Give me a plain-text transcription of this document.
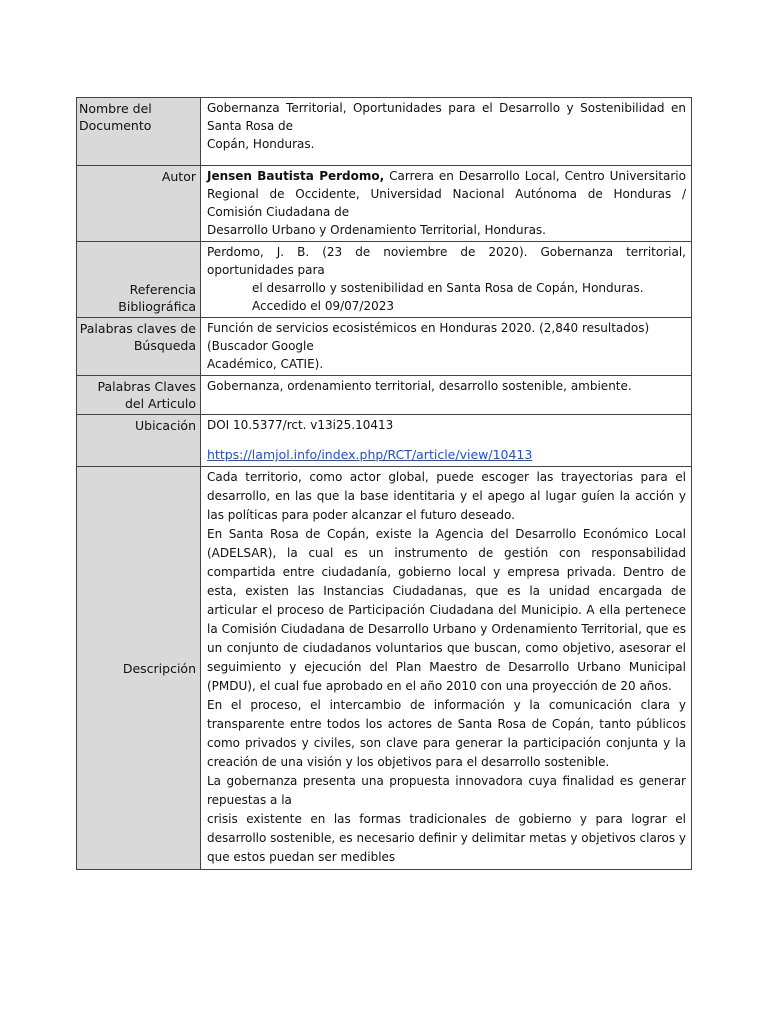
Nombre del Documento	Gobernanza Territorial, Oportunidades para el Desarrollo y Sostenibilidad en Santa Rosa de
Copán, Honduras.

Autor	Jensen Bautista Perdomo, Carrera en Desarrollo Local, Centro Universitario Regional de Occidente, Universidad Nacional Autónoma de Honduras / Comisión Ciudadana de
Desarrollo Urbano y Ordenamiento Territorial, Honduras.

Referencia Bibliográfica	Perdomo, J. B. (23 de noviembre de 2020). Gobernanza territorial, oportunidades para
el desarrollo y sostenibilidad en Santa Rosa de Copán, Honduras.
Accedido el 09/07/2023

Palabras claves de Búsqueda	Función de servicios ecosistémicos en Honduras 2020. (2,840 resultados) (Buscador Google
Académico, CATIE).

Palabras Claves del Articulo	Gobernanza, ordenamiento territorial, desarrollo sostenible, ambiente.
Ubicación	DOI 10.5377/rct. v13i25.10413
https://lamjol.info/index.php/RCT/article/view/10413

Descripción	Cada territorio, como actor global, puede escoger las trayectorias para el desarrollo, en las que la base identitaria y el apego al lugar guíen la acción y las políticas para poder alcanzar el futuro deseado.
En Santa Rosa de Copán, existe la Agencia del Desarrollo Económico Local (ADELSAR), la cual es un instrumento de gestión con responsabilidad compartida entre ciudadanía, gobierno local y empresa privada. Dentro de esta, existen las Instancias Ciudadanas, que es la unidad encargada de articular el proceso de Participación Ciudadana del Municipio. A ella pertenece la Comisión Ciudadana de Desarrollo Urbano y Ordenamiento Territorial, que es un conjunto de ciudadanos voluntarios que buscan, como objetivo, asesorar el seguimiento y ejecución del Plan Maestro de Desarrollo Urbano Municipal (PMDU), el cual fue aprobado en el año 2010 con una proyección de 20 años.
En el proceso, el intercambio de información y la comunicación clara y transparente entre todos los actores de Santa Rosa de Copán, tanto públicos como privados y civiles, son clave para generar la participación conjunta y la creación de una visión y los objetivos para el desarrollo sostenible.
La gobernanza presenta una propuesta innovadora cuya finalidad es generar repuestas a la
crisis existente en las formas tradicionales de gobierno y para lograr el desarrollo sostenible, es necesario definir y delimitar metas y objetivos claros y que estos puedan ser medibles
